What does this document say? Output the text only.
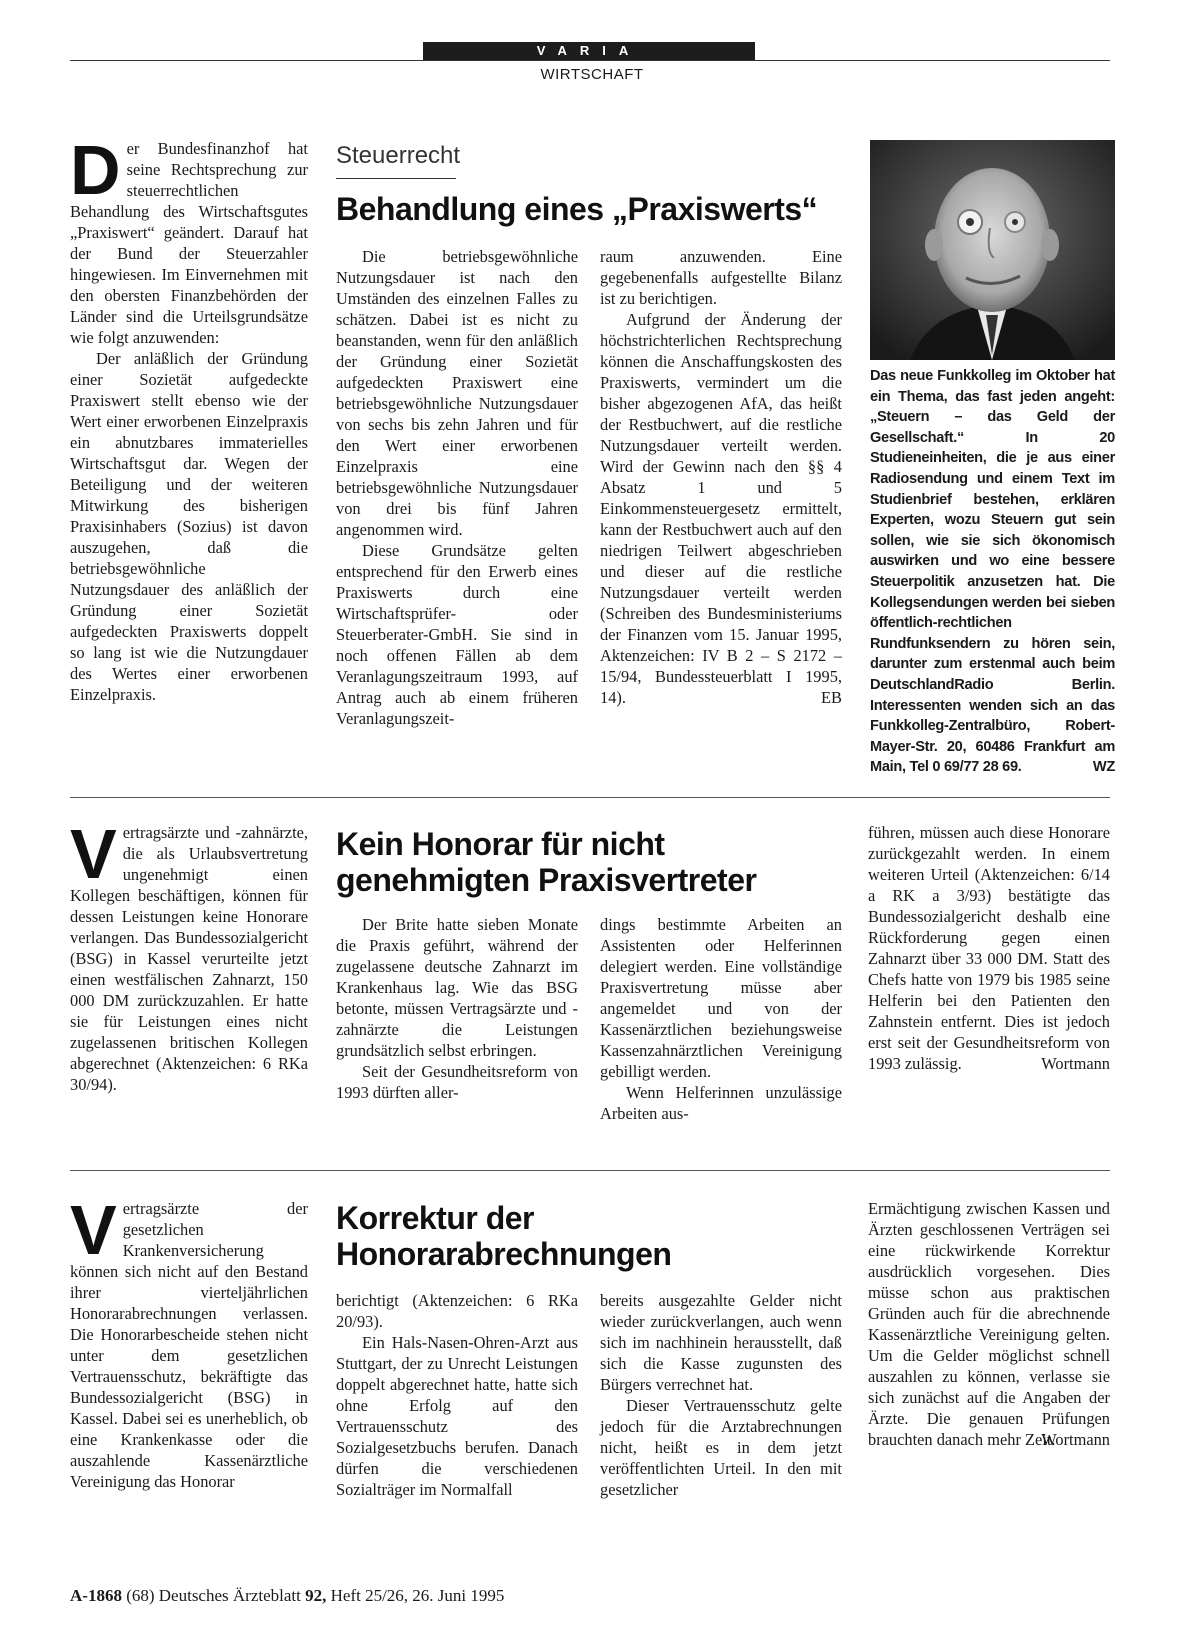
VARIA
WIRTSCHAFT

Der Bundesfinanzhof hat seine Rechtsprechung zur steuerrechtlichen Behandlung des Wirtschaftsgutes „Praxiswert“ geändert. Darauf hat der Bund der Steuerzahler hingewiesen. Im Einvernehmen mit den obersten Finanzbehörden der Länder sind die Urteilsgrundsätze wie folgt anzuwenden:

Der anläßlich der Gründung einer Sozietät aufgedeckte Praxiswert stellt ebenso wie der Wert einer erworbenen Einzelpraxis ein abnutzbares immaterielles Wirtschaftsgut dar. Wegen der Beteiligung und der weiteren Mitwirkung des bisherigen Praxisinhabers (Sozius) ist davon auszugehen, daß die betriebsgewöhnliche Nutzungsdauer des anläßlich der Gründung einer Sozietät aufgedeckten Praxiswerts doppelt so lang ist wie die Nutzungdauer des Wertes einer erworbenen Einzelpraxis.

Steuerrecht
Behandlung eines „Praxiswerts“

Die betriebsgewöhnliche Nutzungsdauer ist nach den Umständen des einzelnen Falles zu schätzen. Dabei ist es nicht zu beanstanden, wenn für den anläßlich der Gründung einer Sozietät aufgedeckten Praxiswert eine betriebsgewöhnliche Nutzungsdauer von sechs bis zehn Jahren und für den Wert einer erworbenen Einzelpraxis eine betriebsgewöhnliche Nutzungsdauer von drei bis fünf Jahren angenommen wird.

Diese Grundsätze gelten entsprechend für den Erwerb eines Praxiswerts durch eine Wirtschaftsprüfer- oder Steuerberater-GmbH. Sie sind in noch offenen Fällen ab dem Veranlagungszeitraum 1993, auf Antrag auch ab einem früheren Veranlagungszeit-

raum anzuwenden. Eine gegebenenfalls aufgestellte Bilanz ist zu berichtigen.

Aufgrund der Änderung der höchstrichterlichen Rechtsprechung können die Anschaffungskosten des Praxiswerts, vermindert um die bisher abgezogenen AfA, das heißt der Restbuchwert, auf die restliche Nutzungsdauer verteilt werden. Wird der Gewinn nach den §§ 4 Absatz 1 und 5 Einkommensteuergesetz ermittelt, kann der Restbuchwert auch auf den niedrigen Teilwert abgeschrieben und dieser auf die restliche Nutzungsdauer verteilt werden (Schreiben des Bundesministeriums der Finanzen vom 15. Januar 1995, Aktenzeichen: IV B 2 – S 2172 – 15/94, Bundessteuerblatt I 1995, 14).	EB
Das neue Funkkolleg im Oktober hat ein Thema, das fast jeden angeht: „Steuern – das Geld der Gesellschaft.“ In 20 Studieneinheiten, die je aus einer Radiosendung und einem Text im Studienbrief bestehen, erklären Experten, wozu Steuern gut sein sollen, wie sie sich ökonomisch auswirken und wo eine bessere Steuerpolitik anzusetzen hat. Die Kollegsendungen werden bei sieben öffentlich-rechtlichen Rundfunksendern zu hören sein, darunter zum erstenmal auch beim DeutschlandRadio Berlin. Interessenten wenden sich an das Funkkolleg-Zentralbüro, Robert-Mayer-Str. 20, 60486 Frankfurt am Main, Tel 0 69/77 28 69.	WZ

Vertragsärzte und -zahnärzte, die als Urlaubsvertretung ungenehmigt einen Kollegen beschäftigen, können für dessen Leistungen keine Honorare verlangen. Das Bundessozialgericht (BSG) in Kassel verurteilte jetzt einen westfälischen Zahnarzt, 150 000 DM zurückzuzahlen. Er hatte sie für Leistungen eines nicht zugelassenen britischen Kollegen abgerechnet (Aktenzeichen: 6 RKa 30/94).

Kein Honorar für nicht genehmigten Praxisvertreter

Der Brite hatte sieben Monate die Praxis geführt, während der zugelassene deutsche Zahnarzt im Krankenhaus lag. Wie das BSG betonte, müssen Vertragsärzte und -zahnärzte die Leistungen grundsätzlich selbst erbringen.

Seit der Gesundheitsreform von 1993 dürften aller-

dings bestimmte Arbeiten an Assistenten oder Helferinnen delegiert werden. Eine vollständige Praxisvertretung müsse aber angemeldet und von der Kassenärztlichen beziehungsweise Kassenzahnärztlichen Vereinigung gebilligt werden.

Wenn Helferinnen unzulässige Arbeiten aus-

führen, müssen auch diese Honorare zurückgezahlt werden. In einem weiteren Urteil (Aktenzeichen: 6/14 a RK a 3/93) bestätigte das Bundessozialgericht deshalb eine Rückforderung gegen einen Zahnarzt über 33 000 DM. Statt des Chefs hatte von 1979 bis 1985 seine Helferin bei den Patienten den Zahnstein entfernt. Dies ist jedoch erst seit der Gesundheitsreform von 1993 zulässig.	Wortmann

Vertragsärzte der gesetzlichen Krankenversicherung können sich nicht auf den Bestand ihrer vierteljährlichen Honorarabrechnungen verlassen. Die Honorarbescheide stehen nicht unter dem gesetzlichen Vertrauensschutz, bekräftigte das Bundessozialgericht (BSG) in Kassel. Dabei sei es unerheblich, ob eine Krankenkasse oder die auszahlende Kassenärztliche Vereinigung das Honorar

Korrektur der Honorarabrechnungen

berichtigt (Aktenzeichen: 6 RKa 20/93).

Ein Hals-Nasen-Ohren-Arzt aus Stuttgart, der zu Unrecht Leistungen doppelt abgerechnet hatte, hatte sich ohne Erfolg auf den Vertrauensschutz des Sozialgesetzbuchs berufen. Danach dürfen die verschiedenen Sozialträger im Normalfall

bereits ausgezahlte Gelder nicht wieder zurückverlangen, auch wenn sich im nachhinein herausstellt, daß sich die Kasse zugunsten des Bürgers verrechnet hat.

Dieser Vertrauensschutz gelte jedoch für die Arztabrechnungen nicht, heißt es in dem jetzt veröffentlichten Urteil. In den mit gesetzlicher

Ermächtigung zwischen Kassen und Ärzten geschlossenen Verträgen sei eine rückwirkende Korrektur ausdrücklich vorgesehen. Dies müsse schon aus praktischen Gründen auch für die abrechnende Kassenärztliche Vereinigung gelten. Um die Gelder möglichst schnell auszahlen zu können, verlasse sie sich zunächst auf die Angaben der Ärzte. Die genauen Prüfungen brauchten danach mehr Zeit.

Wortmann
A-1868 (68) Deutsches Ärzteblatt 92, Heft 25/26, 26. Juni 1995
